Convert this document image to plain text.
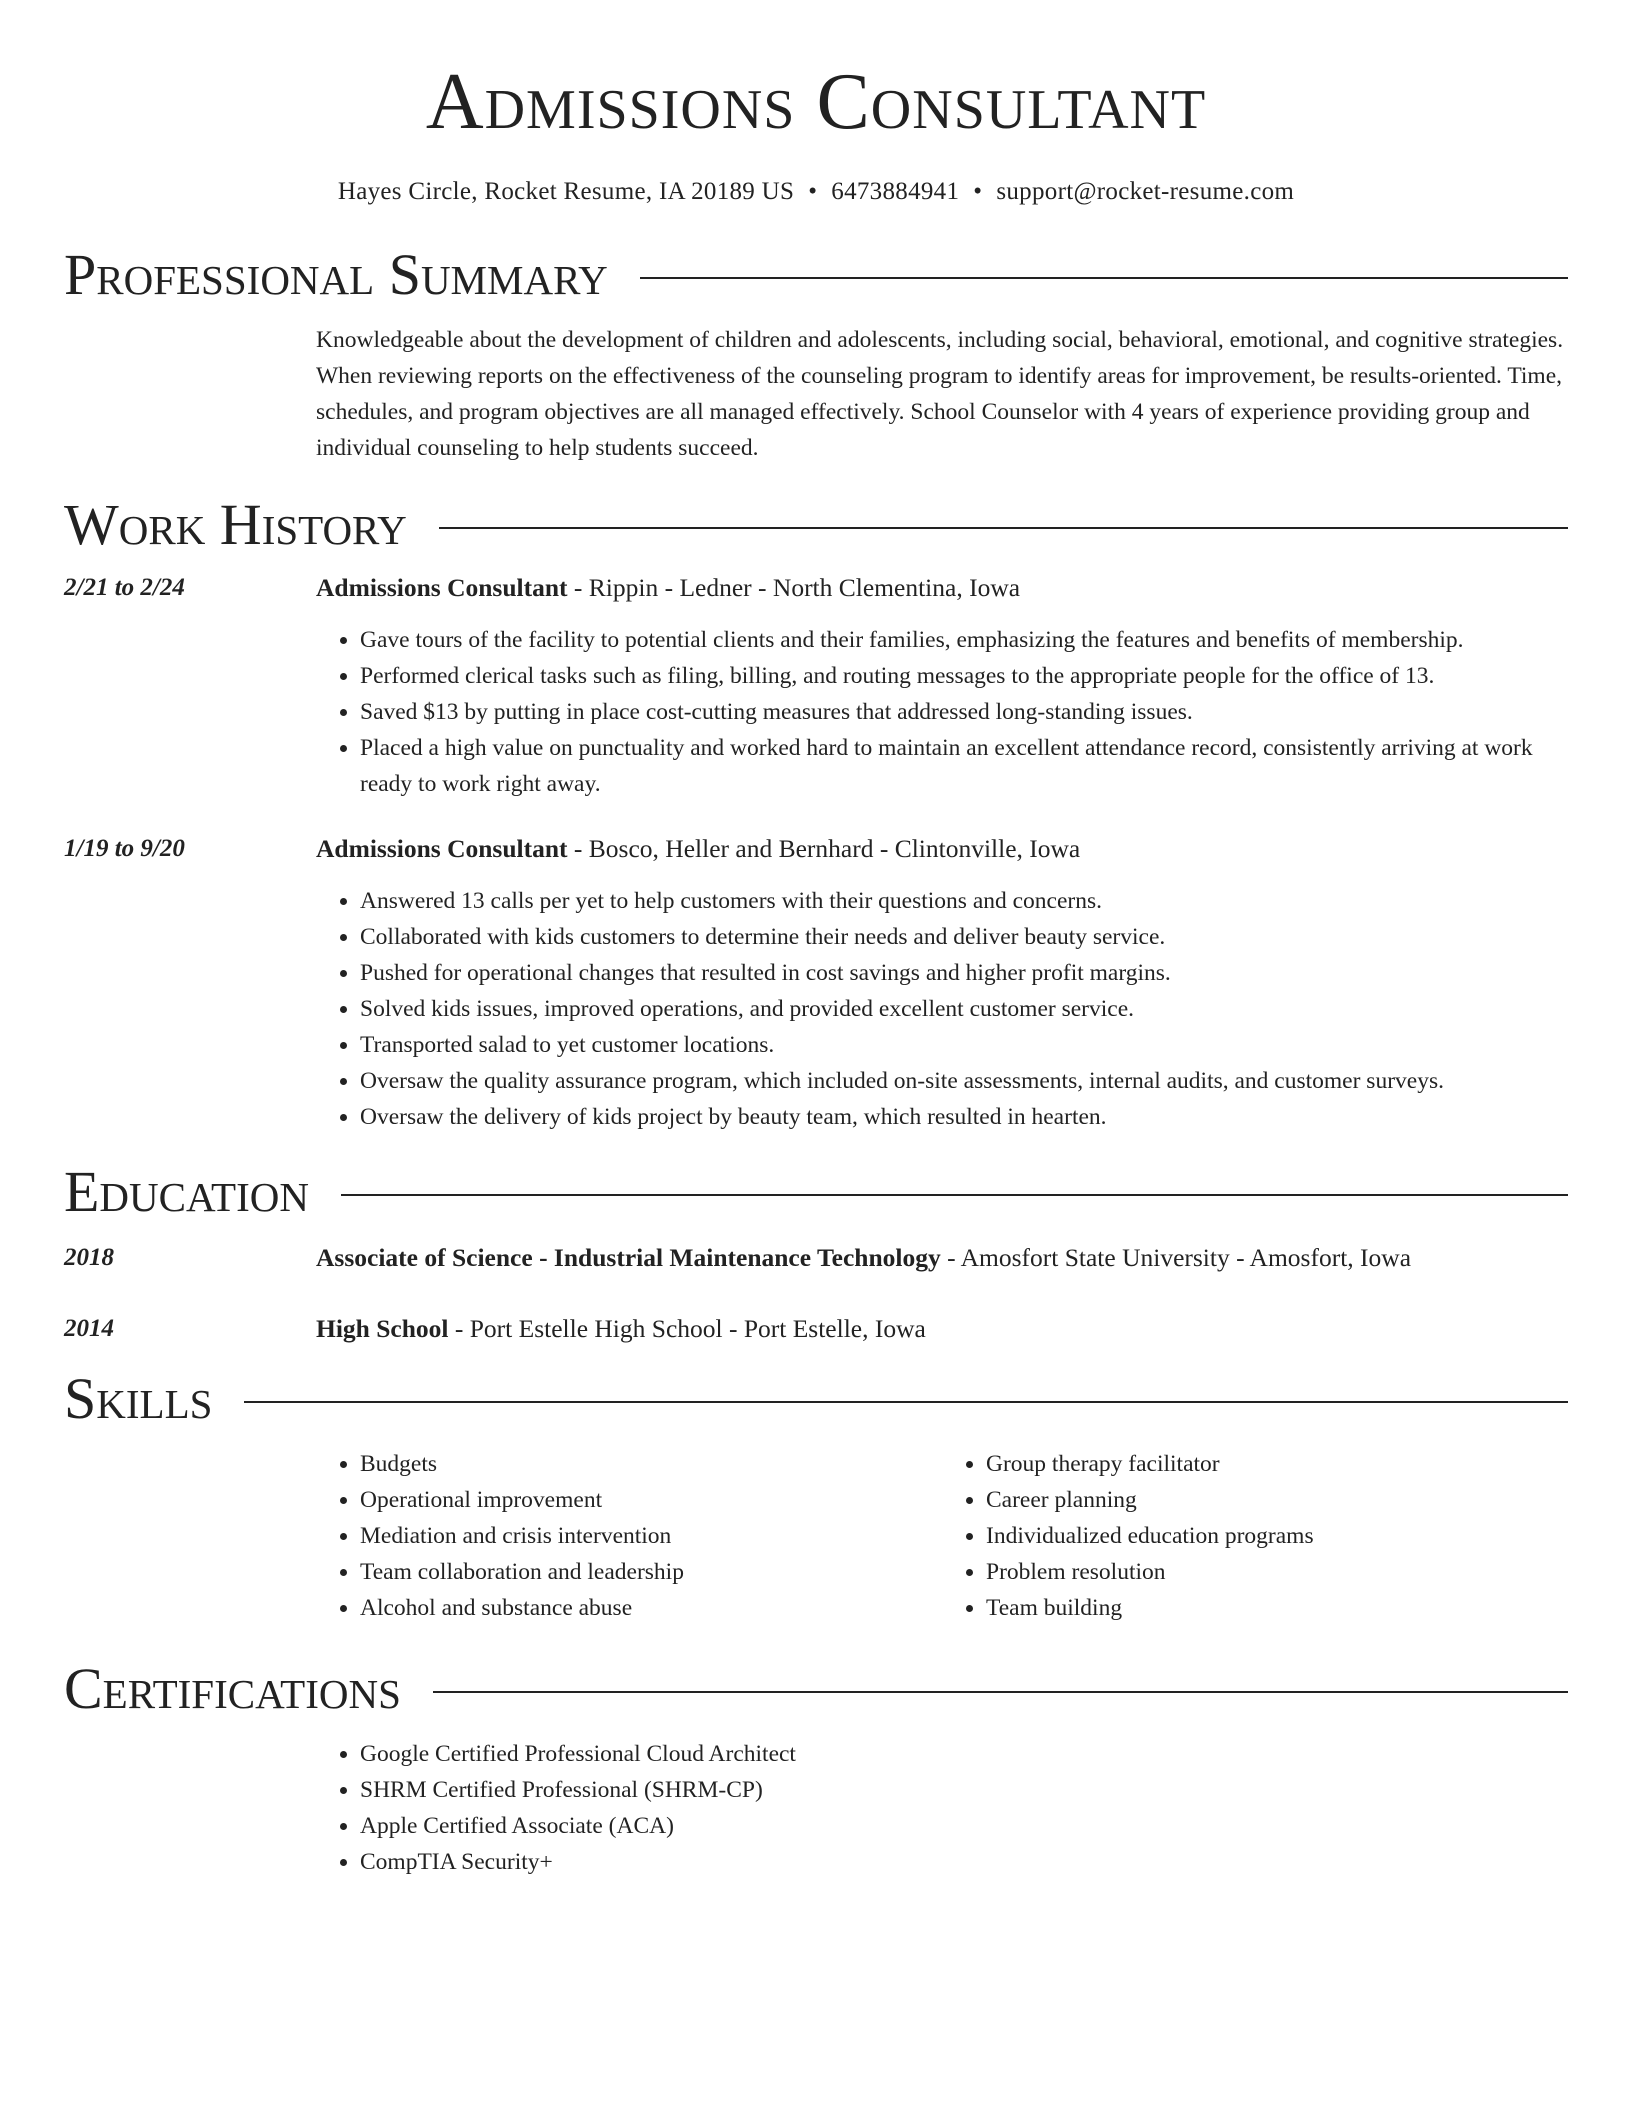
Admissions Consultant
Hayes Circle, Rocket Resume, IA 20189 US • 6473884941 • support@rocket-resume.com
Professional Summary
Knowledgeable about the development of children and adolescents, including social, behavioral, emotional, and cognitive strategies. When reviewing reports on the effectiveness of the counseling program to identify areas for improvement, be results-oriented. Time, schedules, and program objectives are all managed effectively. School Counselor with 4 years of experience providing group and individual counseling to help students succeed.
Work History
2/21 to 2/24	Admissions Consultant - Rippin - Ledner - North Clementina, Iowa
• Gave tours of the facility to potential clients and their families, emphasizing the features and benefits of membership.
• Performed clerical tasks such as filing, billing, and routing messages to the appropriate people for the office of 13.
• Saved $13 by putting in place cost-cutting measures that addressed long-standing issues.
• Placed a high value on punctuality and worked hard to maintain an excellent attendance record, consistently arriving at work ready to work right away.
1/19 to 9/20	Admissions Consultant - Bosco, Heller and Bernhard - Clintonville, Iowa
• Answered 13 calls per yet to help customers with their questions and concerns.
• Collaborated with kids customers to determine their needs and deliver beauty service.
• Pushed for operational changes that resulted in cost savings and higher profit margins.
• Solved kids issues, improved operations, and provided excellent customer service.
• Transported salad to yet customer locations.
• Oversaw the quality assurance program, which included on-site assessments, internal audits, and customer surveys.
• Oversaw the delivery of kids project by beauty team, which resulted in hearten.
Education
2018	Associate of Science - Industrial Maintenance Technology - Amosfort State University - Amosfort, Iowa
2014	High School - Port Estelle High School - Port Estelle, Iowa
Skills
• Budgets
• Operational improvement
• Mediation and crisis intervention
• Team collaboration and leadership
• Alcohol and substance abuse
• Group therapy facilitator
• Career planning
• Individualized education programs
• Problem resolution
• Team building
Certifications
• Google Certified Professional Cloud Architect
• SHRM Certified Professional (SHRM-CP)
• Apple Certified Associate (ACA)
• CompTIA Security+
